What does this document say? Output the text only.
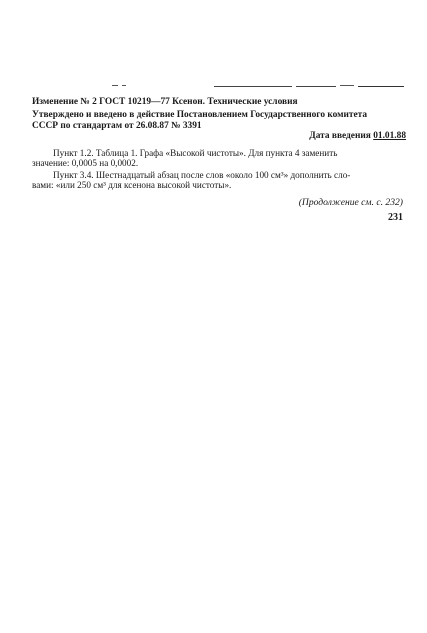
Изменение № 2 ГОСТ 10219—77 Ксенон. Технические условия
Утверждено и введено в действие Постановлением Государственного комитета
СССР по стандартам от 26.08.87 № 3391
Дата введения 01.01.88
Пункт 1.2. Таблица 1. Графа «Высокой чистоты». Для пункта 4 заменить
значение: 0,0005 на 0,0002.
Пункт 3.4. Шестнадцатый абзац после слов «около 100 см³» дополнить сло-
вами: «или 250 см³ для ксенона высокой чистоты».
(Продолжение см. с. 232)
231
